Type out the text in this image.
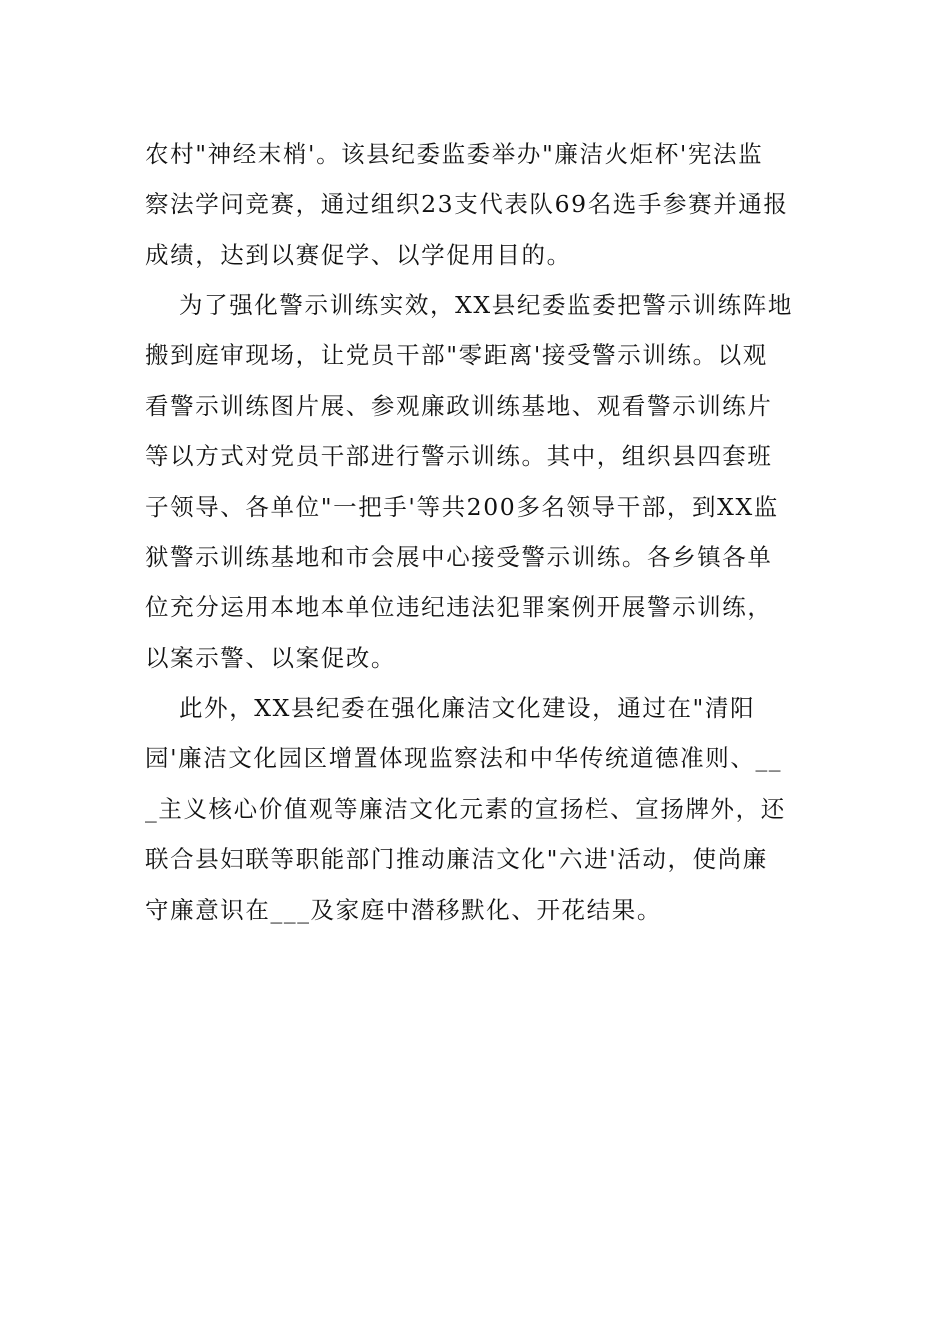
农村"神经末梢'。该县纪委监委举办"廉洁火炬杯'宪法监
察法学问竞赛，通过组织23支代表队69名选手参赛并通报
成绩，达到以赛促学、以学促用目的。
为了强化警示训练实效，XX县纪委监委把警示训练阵地
搬到庭审现场，让党员干部"零距离'接受警示训练。以观
看警示训练图片展、参观廉政训练基地、观看警示训练片
等以方式对党员干部进行警示训练。其中，组织县四套班
子领导、各单位"一把手'等共200多名领导干部，到XX监
狱警示训练基地和市会展中心接受警示训练。各乡镇各单
位充分运用本地本单位违纪违法犯罪案例开展警示训练，
以案示警、以案促改。
此外，XX县纪委在强化廉洁文化建设，通过在"清阳
园'廉洁文化园区增置体现监察法和中华传统道德准则、__
_主义核心价值观等廉洁文化元素的宣扬栏、宣扬牌外，还
联合县妇联等职能部门推动廉洁文化"六进'活动，使尚廉
守廉意识在___及家庭中潜移默化、开花结果。
